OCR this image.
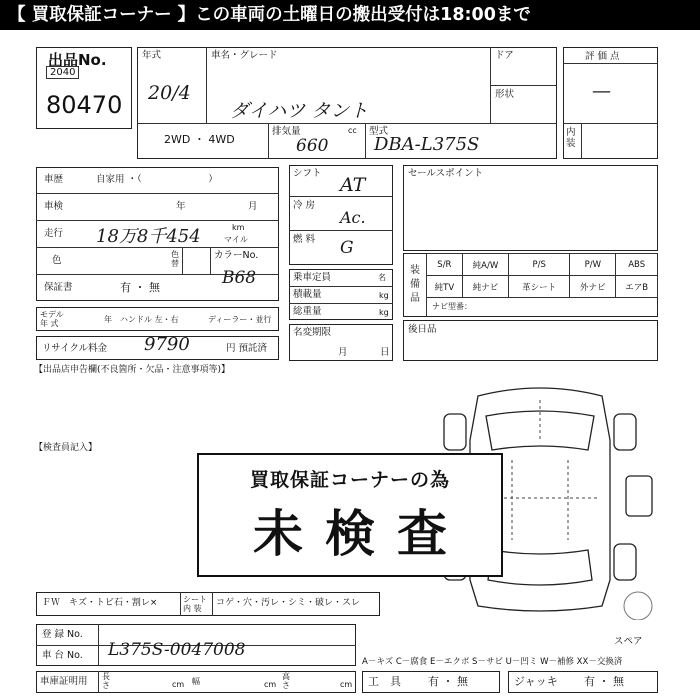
【 買取保証コーナー 】この車両の土曜日の搬出受付は18:00まで
出品No.
2040
80470
年式
20/4
車名・グレード
ダイハツ タント
ドア
形状
2WD ・ 4WD
排気量	cc
660
型式
DBA-L375S
評 価 点
—
内
装
車歴	自家用 ・（　　　　　　　）
車検	年	月
走行 18万8千454	km
マイル
色
色
替
カラーNo.
B68
保証書	有 ・ 無
モデル
年 式	年 ハンドル 左・右	ディーラー・並行
リサイクル料金 9790	円 預託済
シフト
AT
冷 房
Ac.
燃 料 G
乗車定員	名
積載量	kg
総重量	kg
名変期限
月	日
セールスポイント
装
備
品
S/R	純A/W	P/S	P/W	ABS
純TV	純ナビ	革シート	外ナビ	エアB
ナビ型番：
後日品
【出品店申告欄(不良箇所・欠品・注意事項等)】
【検査員記入】
買取保証コーナーの為
未検査
ＦＷ　キズ・トビ石・割レ×	シート
内 装
コゲ・穴・汚レ・シミ・破レ・スレ
登 録 No.
車 台 No. L375S-0047008
車庫証明用 長
さ	cm 幅	cm
高
さ	cm
A－キズ C－腐食 E－エクボ S－サビ U－凹ミ W－補修 XX－交換済
スペア
工　具 有 ・ 無	ジャッキ 有 ・ 無
